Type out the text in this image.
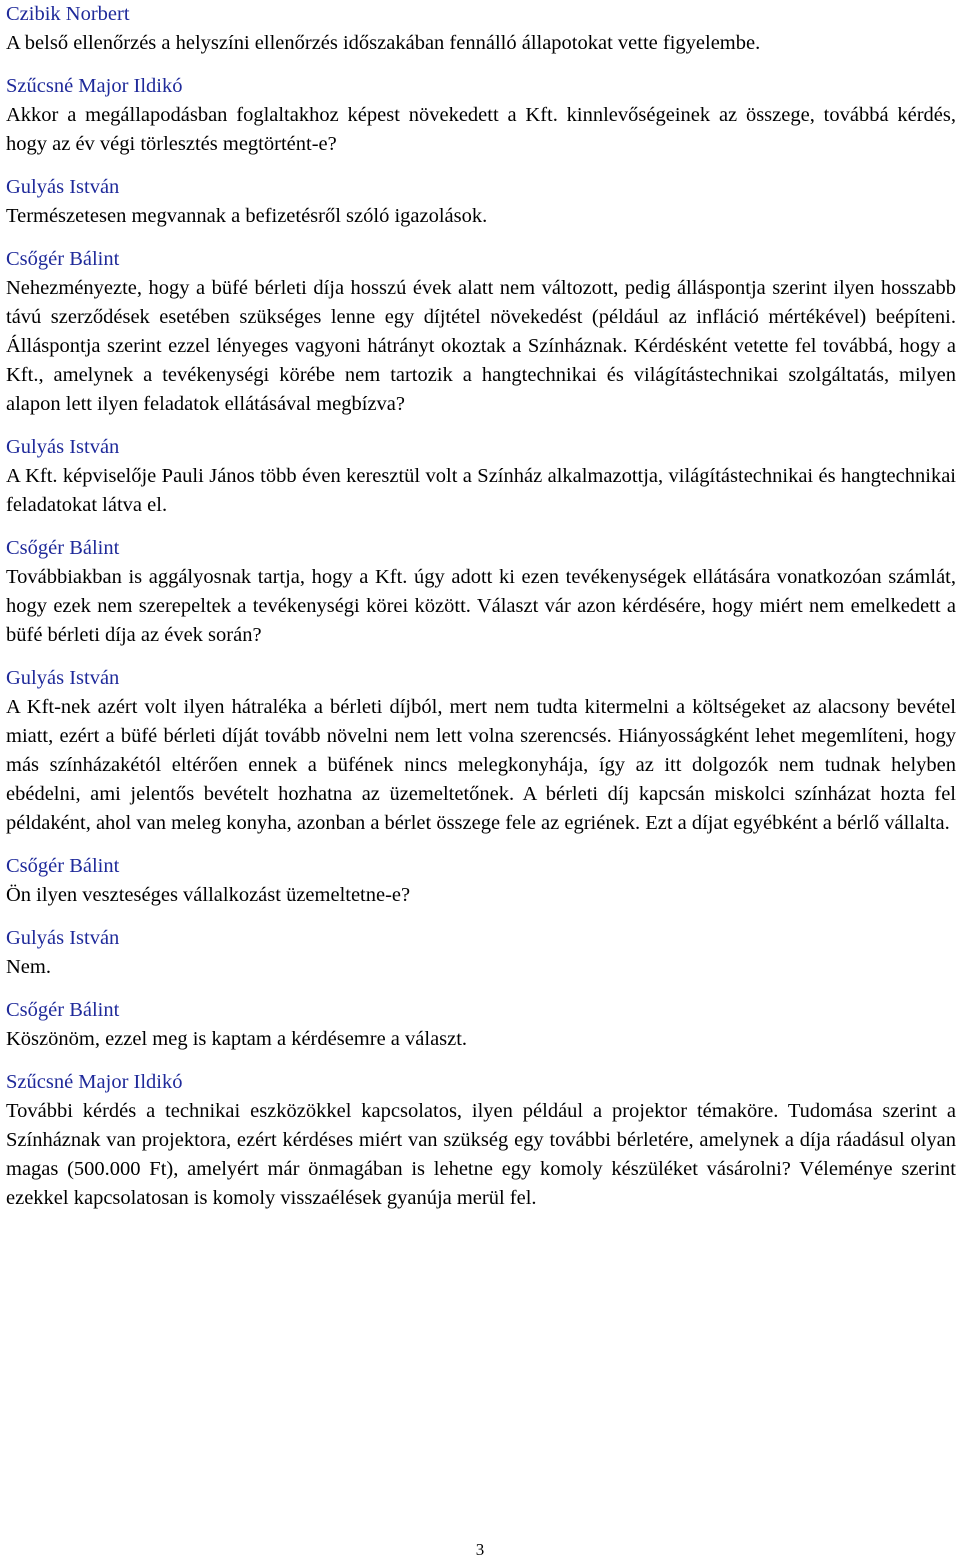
Czibik Norbert

A belső ellenőrzés a helyszíni ellenőrzés időszakában fennálló állapotokat vette figyelembe.

Szűcsné Major Ildikó

Akkor a megállapodásban foglaltakhoz képest növekedett a Kft. kinnlevőségeinek az összege, továbbá kérdés, hogy az év végi törlesztés megtörtént-e?

Gulyás István

Természetesen megvannak a befizetésről szóló igazolások.

Csőgér Bálint

Nehezményezte, hogy a büfé bérleti díja hosszú évek alatt nem változott, pedig álláspontja szerint ilyen hosszabb távú szerződések esetében szükséges lenne egy díjtétel növekedést (például az infláció mértékével) beépíteni. Álláspontja szerint ezzel lényeges vagyoni hátrányt okoztak a Színháznak. Kérdésként vetette fel továbbá, hogy a Kft., amelynek a tevékenységi körébe nem tartozik a hangtechnikai és világítástechnikai szolgáltatás, milyen alapon lett ilyen feladatok ellátásával megbízva?

Gulyás István

A Kft. képviselője Pauli János több éven keresztül volt a Színház alkalmazottja, világítástechnikai és hangtechnikai feladatokat látva el.

Csőgér Bálint

Továbbiakban is aggályosnak tartja, hogy a Kft. úgy adott ki ezen tevékenységek ellátására vonatkozóan számlát, hogy ezek nem szerepeltek a tevékenységi körei között. Választ vár azon kérdésére, hogy miért nem emelkedett a büfé bérleti díja az évek során?

Gulyás István

A Kft-nek azért volt ilyen hátraléka a bérleti díjból, mert nem tudta kitermelni a költségeket az alacsony bevétel miatt, ezért a büfé bérleti díját tovább növelni nem lett volna szerencsés. Hiányosságként lehet megemlíteni, hogy más színházakétól eltérően ennek a büfének nincs melegkonyhája, így az itt dolgozók nem tudnak helyben ebédelni, ami jelentős bevételt hozhatna az üzemeltetőnek. A bérleti díj kapcsán miskolci színházat hozta fel példaként, ahol van meleg konyha, azonban a bérlet összege fele az egriének. Ezt a díjat egyébként a bérlő vállalta.

Csőgér Bálint

Ön ilyen veszteséges vállalkozást üzemeltetne-e?

Gulyás István

Nem.

Csőgér Bálint

Köszönöm, ezzel meg is kaptam a kérdésemre a választ.

Szűcsné Major Ildikó

További kérdés a technikai eszközökkel kapcsolatos, ilyen például a projektor témaköre. Tudomása szerint a Színháznak van projektora, ezért kérdéses miért van szükség egy további bérletére, amelynek a díja ráadásul olyan magas (500.000 Ft), amelyért már önmagában is lehetne egy komoly készüléket vásárolni? Véleménye szerint ezekkel kapcsolatosan is komoly visszaélések gyanúja merül fel.

3
